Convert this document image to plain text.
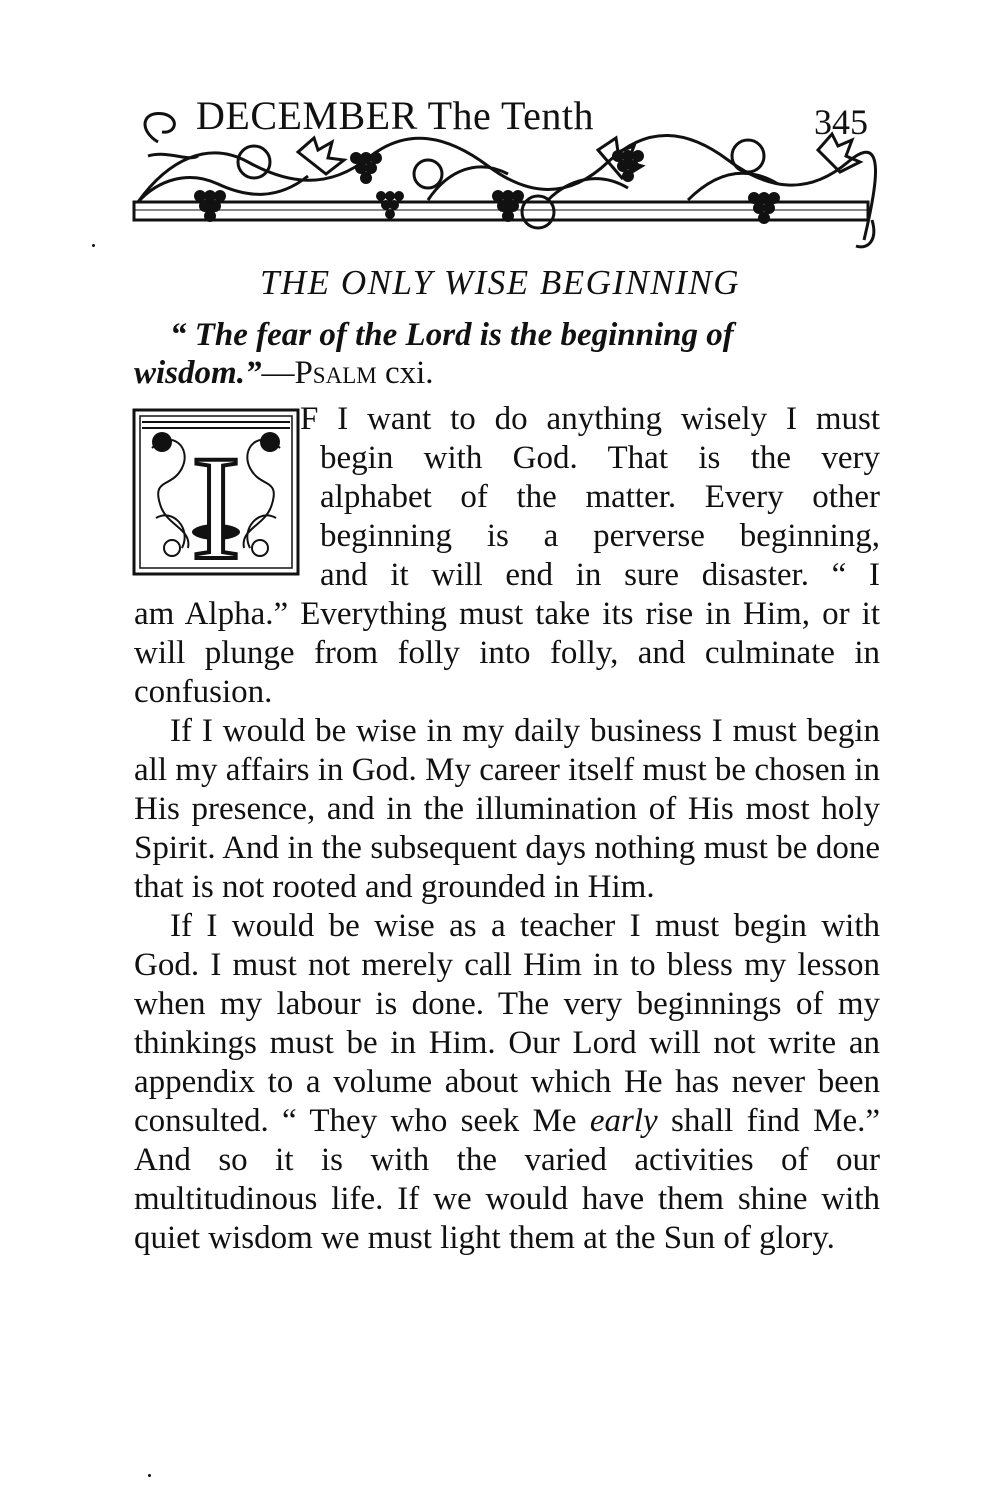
DECEMBER The Tenth	345
THE ONLY WISE BEGINNING
“ The fear of the Lord is the beginning of wisdom.”—Psalm cxi.
I

F I want to do anything wisely I must
begin with God. That is the very
alphabet of the matter. Every other
beginning is a perverse beginning,
and it will end in sure disaster. “ I
am Alpha.” Everything must take its rise in Him, or it will plunge from folly into folly, and culminate in confusion.

If I would be wise in my daily business I must begin all my affairs in God. My career itself must be chosen in His presence, and in the illumination of His most holy Spirit. And in the subsequent days nothing must be done that is not rooted and grounded in Him.

If I would be wise as a teacher I must begin with God. I must not merely call Him in to bless my lesson when my labour is done. The very beginnings of my thinkings must be in Him. Our Lord will not write an appendix to a volume about which He has never been consulted. “ They who seek Me early shall find Me.” And so it is with the varied activities of our multitudinous life. If we would have them shine with quiet wisdom we must light them at the Sun of glory.
